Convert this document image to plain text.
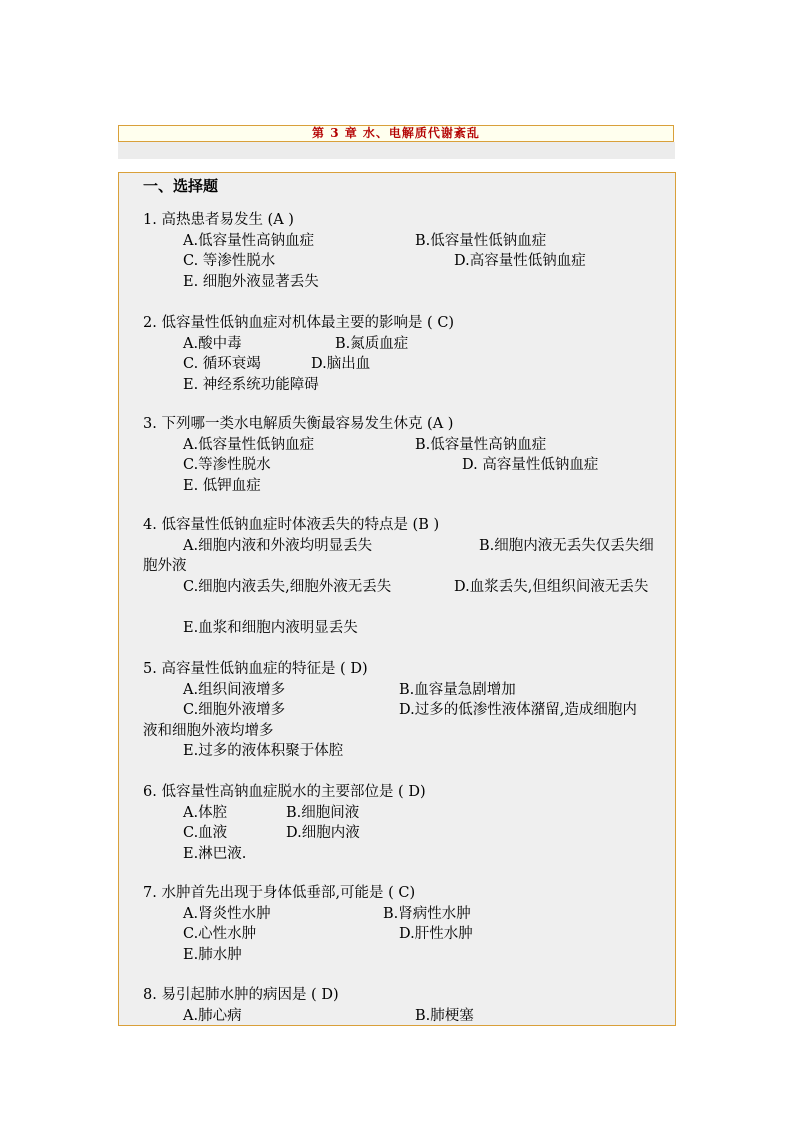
第 3 章 水、电解质代谢紊乱
一、选择题
1. 高热患者易发生 (A )
A.低容量性高钠血症	B.低容量性低钠血症
C. 等渗性脱水	D.高容量性低钠血症
E. 细胞外液显著丢失
2. 低容量性低钠血症对机体最主要的影响是 ( C)
A.酸中毒	B.氮质血症
C. 循环衰竭	D.脑出血
E. 神经系统功能障碍
3. 下列哪一类水电解质失衡最容易发生休克 (A )
A.低容量性低钠血症	B.低容量性高钠血症
C.等渗性脱水	D. 高容量性低钠血症
E. 低钾血症
4. 低容量性低钠血症时体液丢失的特点是 (B )
A.细胞内液和外液均明显丢失	B.细胞内液无丢失仅丢失细
胞外液
C.细胞内液丢失,细胞外液无丢失	D.血浆丢失,但组织间液无丢失
E.血浆和细胞内液明显丢失
5. 高容量性低钠血症的特征是 ( D)
A.组织间液增多	B.血容量急剧增加
C.细胞外液增多	D.过多的低渗性液体潴留,造成细胞内
液和细胞外液均增多
E.过多的液体积聚于体腔
6. 低容量性高钠血症脱水的主要部位是 ( D)
A.体腔	B.细胞间液
C.血液	D.细胞内液
E.淋巴液.
7. 水肿首先出现于身体低垂部,可能是 ( C)
A.肾炎性水肿	B.肾病性水肿
C.心性水肿	D.肝性水肿
E.肺水肿
8. 易引起肺水肿的病因是 ( D)
A.肺心病	B.肺梗塞
